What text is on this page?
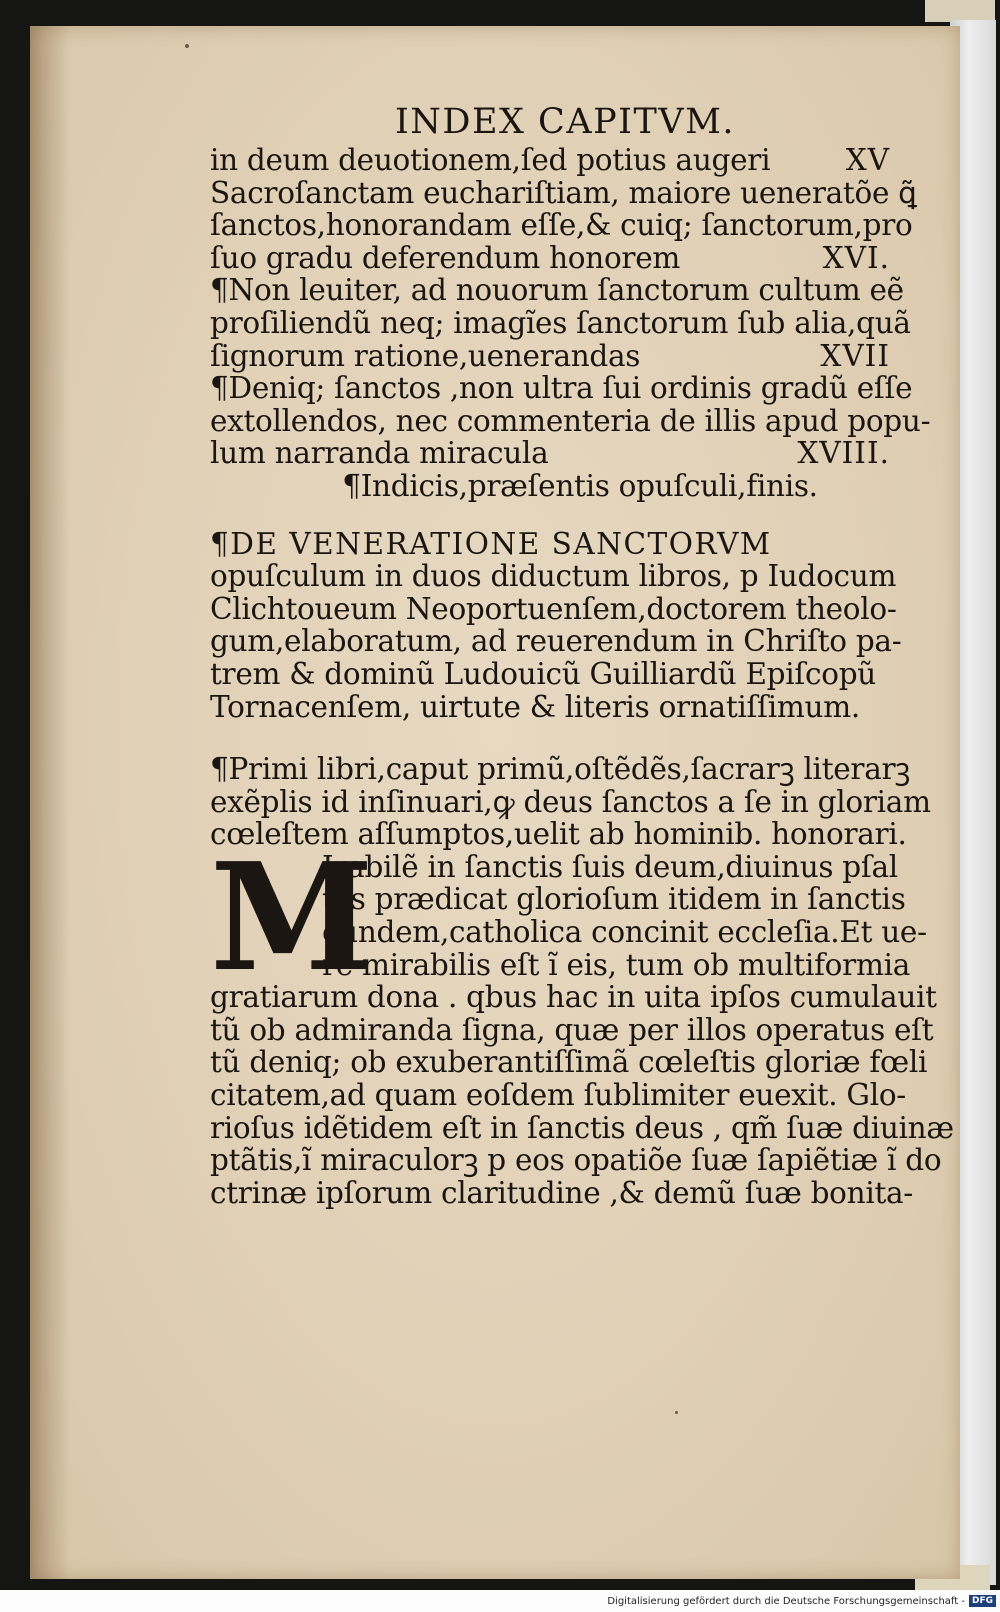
INDEX CAPITVM.
in deum deuotionem,ſed potius augeri	XV
Sacroſanctam euchariſtiam, maiore ueneratõe ꝗ̃
ſanctos,honorandam eſſe,& cuiq; ſanctorum,pro
ſuo gradu deferendum honorem	XVI.
¶Non leuiter, ad nouorum ſanctorum cultum eẽ
proſiliendũ neq; imagĩes ſanctorum ſub alia,quã
ſignorum ratione,uenerandas	XVII
¶Deniq; ſanctos ,non ultra ſui ordinis gradũ eſſe
extollendos, nec commenteria de illis apud popu-
lum narranda miracula	XVIII.
¶Indicis,præſentis opuſculi,finis.
¶DE VENERATIONE SANCTORVM
opuſculum in duos diductum libros, p Iudocum
Clichtoueum Neoportuenſem,doctorem theolo-
gum,elaboratum, ad reuerendum in Chriſto pa-
trem & dominũ Ludouicũ Guilliardũ Epiſcopũ
Tornacenſem, uirtute & literis ornatiſſimum.
¶Primi libri,caput primũ,oſtẽdẽs,ſacrarꝫ literarꝫ
exẽplis id inſinuari,ꝙ deus ſanctos a ſe in gloriam
cœleſtem aſſumptos,uelit ab hominib. honorari.
M
Irabilẽ in ſanctis ſuis deum,diuinus pſal
tes prædicat glorioſum itidem in ſanctis
eundem,catholica concinit eccleſia.Et ue-
re mirabilis eſt ĩ eis, tum ob multiformia
gratiarum dona . qbus hac in uita ipſos cumulauit
tũ ob admiranda ſigna, quæ per illos operatus eſt
tũ deniq; ob exuberantiſſimã cœleſtis gloriæ fœli
citatem,ad quam eoſdem ſublimiter euexit. Glo-
rioſus idẽtidem eſt in ſanctis deus , qm̃ ſuæ diuinæ
ptãtis,ĩ miraculorꝫ p eos opatiõe ſuæ ſapiẽtiæ ĩ do
ctrinæ ipſorum claritudine ,& demũ ſuæ bonita-
Digitalisierung gefördert durch die Deutsche Forschungsgemeinschaft - DFG
